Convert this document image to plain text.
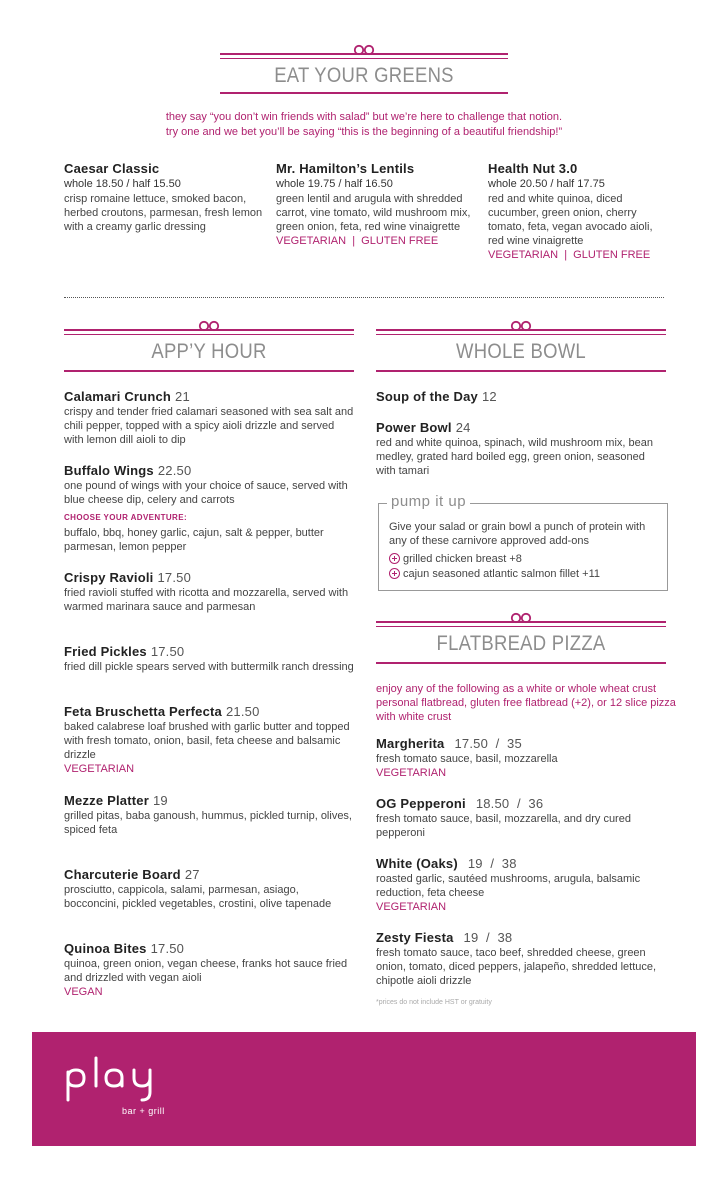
EAT YOUR GREENS
they say “you don’t win friends with salad” but we’re here to challenge that notion.
try one and we bet you’ll be saying “this is the beginning of a beautiful friendship!”
Caesar Classic
whole 18.50 / half 15.50
crisp romaine lettuce, smoked bacon, herbed croutons, parmesan, fresh lemon with a creamy garlic dressing
Mr. Hamilton’s Lentils
whole 19.75 / half 16.50
green lentil and arugula with shredded carrot, vine tomato, wild mushroom mix, green onion, feta, red wine vinaigrette
VEGETARIAN  |  GLUTEN FREE
Health Nut 3.0
whole 20.50 / half 17.75
red and white quinoa, diced cucumber, green onion, cherry tomato, feta, vegan avocado aioli, red wine vinaigrette
VEGETARIAN  |  GLUTEN FREE
APP’Y HOUR
Calamari Crunch 21
crispy and tender fried calamari seasoned with sea salt and chili pepper, topped with a spicy aioli drizzle and served with lemon dill aioli to dip
Buffalo Wings 22.50
one pound of wings with your choice of sauce, served with blue cheese dip, celery and carrots
CHOOSE YOUR ADVENTURE:
buffalo, bbq, honey garlic, cajun, salt & pepper, butter parmesan, lemon pepper
Crispy Ravioli 17.50
fried ravioli stuffed with ricotta and mozzarella, served with warmed marinara sauce and parmesan
Fried Pickles 17.50
fried dill pickle spears served with buttermilk ranch dressing
Feta Bruschetta Perfecta 21.50
baked calabrese loaf brushed with garlic butter and topped with fresh tomato, onion, basil, feta cheese and balsamic drizzle
VEGETARIAN
Mezze Platter 19
grilled pitas, baba ganoush, hummus, pickled turnip, olives, spiced feta
Charcuterie Board 27
prosciutto, cappicola, salami, parmesan, asiago, bocconcini, pickled vegetables, crostini, olive tapenade
Quinoa Bites 17.50
quinoa, green onion, vegan cheese, franks hot sauce fried and drizzled with vegan aioli
VEGAN
WHOLE BOWL
Soup of the Day 12
Power Bowl 24
red and white quinoa, spinach, wild mushroom mix, bean medley, grated hard boiled egg, green onion, seasoned with tamari
pump it up
Give your salad or grain bowl a punch of protein with any of these carnivore approved add-ons
grilled chicken breast +8
cajun seasoned atlantic salmon fillet +11
FLATBREAD PIZZA
enjoy any of the following as a white or whole wheat crust personal flatbread, gluten free flatbread (+2), or 12 slice pizza with white crust
Margherita 17.50  /  35
fresh tomato sauce, basil, mozzarella
VEGETARIAN
OG Pepperoni 18.50  /  36
fresh tomato sauce, basil, mozzarella, and dry cured pepperoni
White (Oaks) 19  /  38
roasted garlic, sautéed mushrooms, arugula, balsamic reduction, feta cheese
VEGETARIAN
Zesty Fiesta 19  /  38
fresh tomato sauce, taco beef, shredded cheese, green onion, tomato, diced peppers, jalapeño, shredded lettuce, chipotle aioli drizzle
*prices do not include HST or gratuity
bar + grill
